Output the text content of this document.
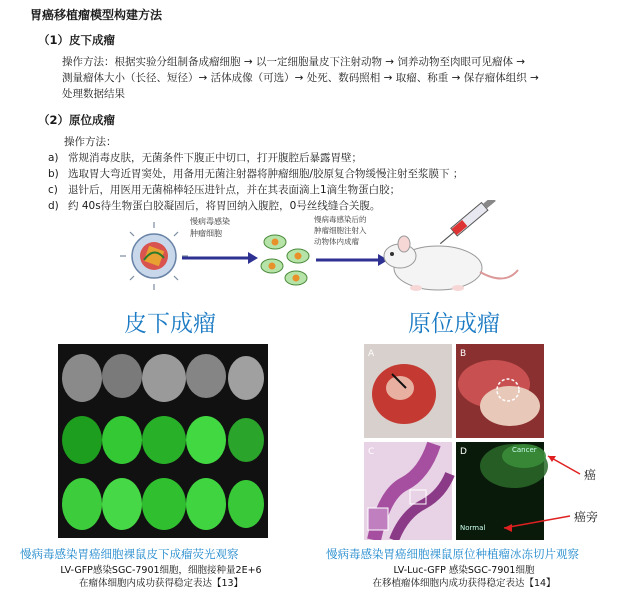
胃癌移植瘤模型构建方法
（1）皮下成瘤
操作方法：根据实验分组制备成瘤细胞 → 以一定细胞量皮下注射动物 → 饲养动物至肉眼可见瘤体 →
测量瘤体大小（长径、短径）→ 活体成像（可选）→ 处死、数码照相 → 取瘤、称重 → 保存瘤体组织 →
处理数据结果
（2）原位成瘤
操作方法：
a) 常规消毒皮肤，无菌条件下腹正中切口，打开腹腔后暴露胃壁；
b) 选取胃大弯近胃窦处，用备用无菌注射器将肿瘤细胞/胶原复合物缓慢注射至浆膜下 ；
c) 退针后，用医用无菌棉棒轻压进针点，并在其表面滴上1滴生物蛋白胶；
d) 约 40s待生物蛋白胶凝固后，将胃回纳入腹腔，0号丝线缝合关腹。
慢病毒感染
肿瘤细胞
慢病毒感染后的
肿瘤细胞注射入
动物体内成瘤
皮下成瘤
慢病毒感染胃癌细胞裸鼠皮下成瘤荧光观察
LV-GFP感染SGC-7901细胞，细胞接种量2E+6
在瘤体细胞内成功获得稳定表达【13】
原位成瘤
A	B
C	D	Cancer
Normal
癌
癌旁
慢病毒感染胃癌细胞裸鼠原位种植瘤冰冻切片观察
LV-Luc-GFP 感染SGC-7901细胞
在移植瘤体细胞内成功获得稳定表达【14】
